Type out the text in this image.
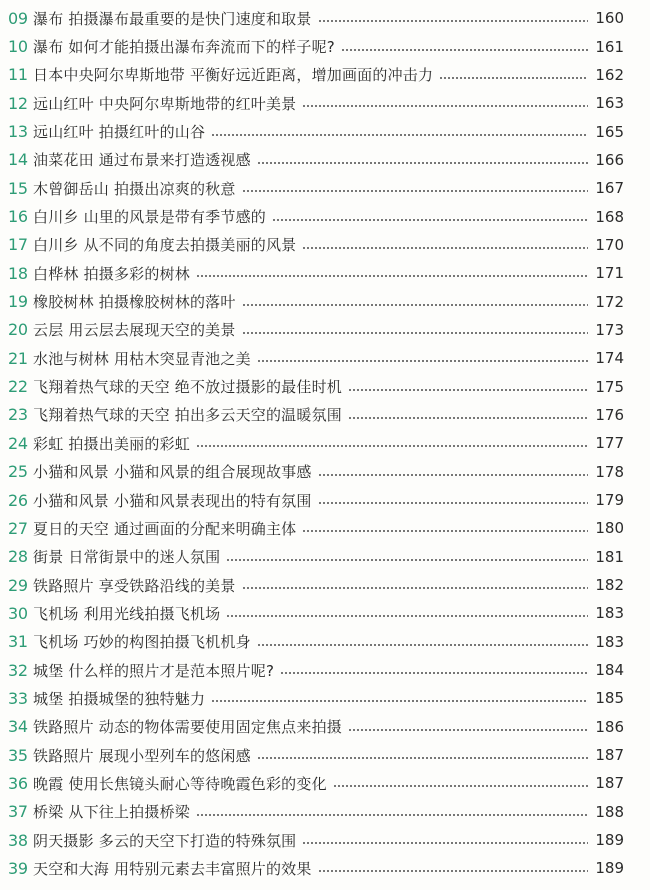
09 瀑布 拍摄瀑布最重要的是快门速度和取景	160
10 瀑布 如何才能拍摄出瀑布奔流而下的样子呢?	161
11 日本中央阿尔卑斯地带 平衡好远近距离，增加画面的冲击力	162
12 远山红叶 中央阿尔卑斯地带的红叶美景	163
13 远山红叶 拍摄红叶的山谷	165
14 油菜花田 通过布景来打造透视感	166
15 木曾御岳山 拍摄出凉爽的秋意	167
16 白川乡 山里的风景是带有季节感的	168
17 白川乡 从不同的角度去拍摄美丽的风景	170
18 白桦林 拍摄多彩的树林	171
19 橡胶树林 拍摄橡胶树林的落叶	172
20 云层 用云层去展现天空的美景	173
21 水池与树林 用枯木突显青池之美	174
22 飞翔着热气球的天空 绝不放过摄影的最佳时机	175
23 飞翔着热气球的天空 拍出多云天空的温暖氛围	176
24 彩虹 拍摄出美丽的彩虹	177
25 小猫和风景 小猫和风景的组合展现故事感	178
26 小猫和风景 小猫和风景表现出的特有氛围	179
27 夏日的天空 通过画面的分配来明确主体	180
28 街景 日常街景中的迷人氛围	181
29 铁路照片 享受铁路沿线的美景	182
30 飞机场 利用光线拍摄飞机场	183
31 飞机场 巧妙的构图拍摄飞机机身	183
32 城堡 什么样的照片才是范本照片呢?	184
33 城堡 拍摄城堡的独特魅力	185
34 铁路照片 动态的物体需要使用固定焦点来拍摄	186
35 铁路照片 展现小型列车的悠闲感	187
36 晚霞 使用长焦镜头耐心等待晚霞色彩的变化	187
37 桥梁 从下往上拍摄桥梁	188
38 阴天摄影 多云的天空下打造的特殊氛围	189
39 天空和大海 用特别元素去丰富照片的效果	189
